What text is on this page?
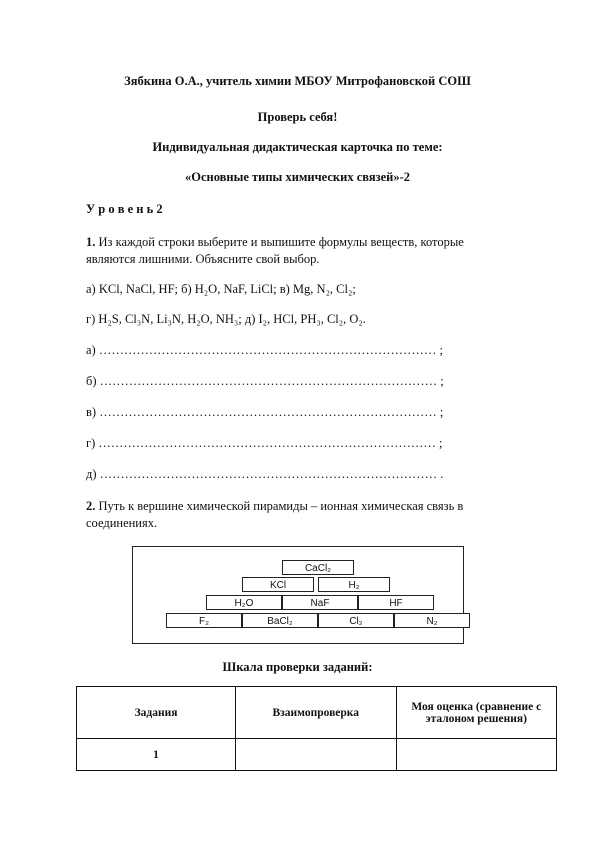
Зябкина О.А., учитель химии МБОУ Митрофановской СОШ
Проверь себя!
Индивидуальная дидактическая карточка по теме:
«Основные типы химических связей»-2
У р о в е н ь 2
1. Из каждой строки выберите и выпишите формулы веществ, которые являются лишними. Объясните свой выбор.
а) KCl, NaCl, HF; б) H₂O, NaF, LiCl; в) Mg, N₂, Cl₂;
г) H₂S, Cl₃N, Li₃N, H₂O, NH₃; д) I₂, HCl, PH₃, Cl₂, O₂.
а) ……………………………………………………………………… ;
б) ……………………………………………………………………… ;
в) ……………………………………………………………………… ;
г) ……………………………………………………………………… ;
д) ……………………………………………………………………… .
2. Путь к вершине химической пирамиды – ионная химическая связь в соединениях.
CaCl₂
KCl	H₂
H₂O	NaF	HF
F₂	BaCl₂	Cl₂	N₂
Шкала проверки заданий:
Задания	Взаимопроверка	Моя оценка (сравнение с эталоном решения)
1		
